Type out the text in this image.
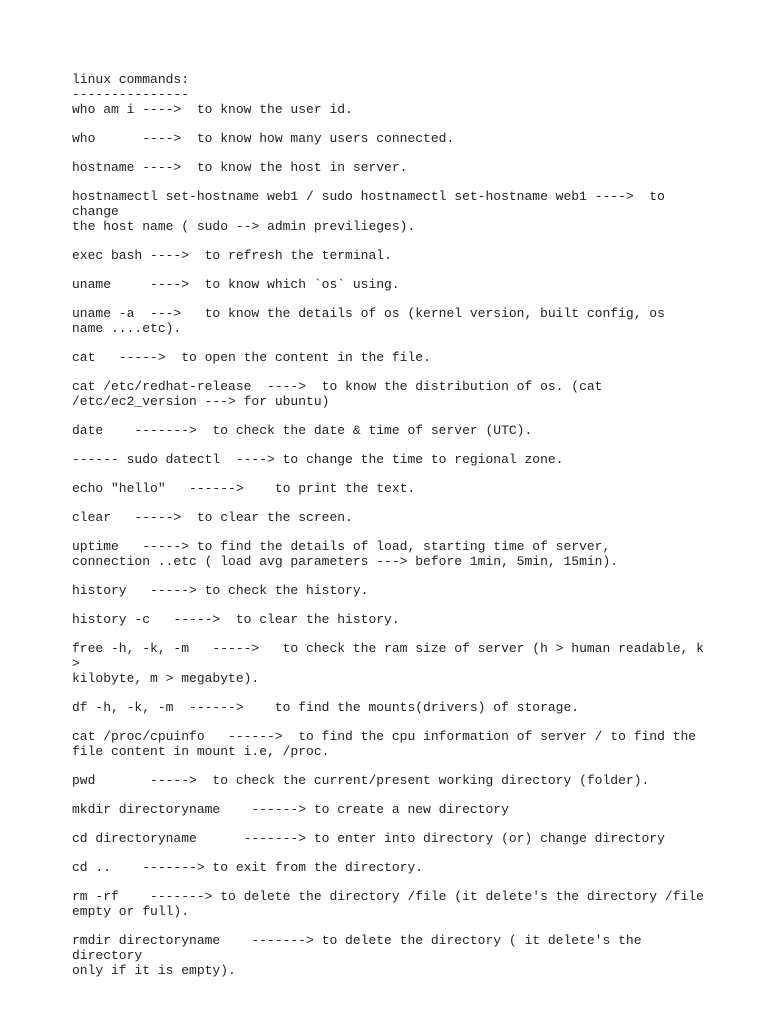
linux commands:
---------------
who am i ---->  to know the user id.
who      ---->  to know how many users connected.
hostname ---->  to know the host in server.
hostnamectl set-hostname web1 / sudo hostnamectl set-hostname web1 ---->  to change
the host name ( sudo --> admin previlieges).
exec bash ---->  to refresh the terminal.
uname     ---->  to know which `os` using.
uname -a  --->   to know the details of os (kernel version, built config, os
name ....etc).
cat   ----->  to open the content in the file.
cat /etc/redhat-release  ---->  to know the distribution of os. (cat
/etc/ec2_version ---> for ubuntu)
date    ------->  to check the date & time of server (UTC).
------ sudo datectl  ----> to change the time to regional zone.
echo "hello"   ------>    to print the text.
clear   ----->  to clear the screen.
uptime   -----> to find the details of load, starting time of server,
connection ..etc ( load avg parameters ---> before 1min, 5min, 15min).
history   -----> to check the history.
history -c   ----->  to clear the history.
free -h, -k, -m   ----->   to check the ram size of server (h > human readable, k >
kilobyte, m > megabyte).
df -h, -k, -m  ------>    to find the mounts(drivers) of storage.
cat /proc/cpuinfo   ------>  to find the cpu information of server / to find the
file content in mount i.e, /proc.
pwd       ----->  to check the current/present working directory (folder).
mkdir directoryname    ------> to create a new directory
cd directoryname      -------> to enter into directory (or) change directory
cd ..    -------> to exit from the directory.
rm -rf    -------> to delete the directory /file (it delete's the directory /file
empty or full).
rmdir directoryname    -------> to delete the directory ( it delete's the directory
only if it is empty).
